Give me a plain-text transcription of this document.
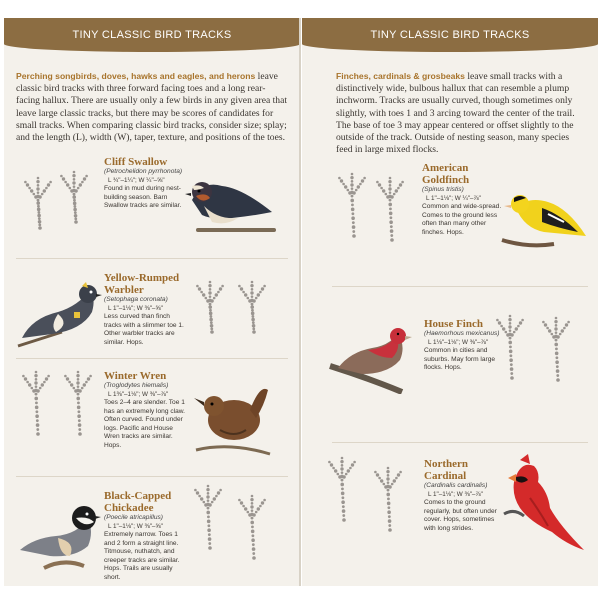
TINY CLASSIC BIRD TRACKS
Perching songbirds, doves, hawks and eagles, and herons leave classic bird tracks with three forward facing toes and a long rear-facing hallux. There are usually only a few birds in any given area that leave large classic tracks, but there may be scores of candidates for small tracks. When comparing classic bird tracks, consider size; splay; and the length (L), width (W), taper, texture, and positions of the toes.
Cliff Swallow
(Petrochelidon pyrrhonota)
L ¾"–1¼"; W ¼"–⅝"
Found in mud during nest-building season. Barn Swallow tracks are similar.
Yellow-Rumped Warbler
(Setophaga coronata)
L 1"–1⅛"; W ⅜"–⅝"
Less curved than finch tracks with a slimmer toe 1. Other warbler tracks are similar. Hops.
Winter Wren
(Troglodytes hiemalis)
L 1⅜"–1⅛"; W ⅜"–⅞"
Toes 2–4 are slender. Toe 1 has an extremely long claw. Often curved. Found under logs. Pacific and House Wren tracks are similar. Hops.
Black-Capped Chickadee
(Poecile atricapillus)
L 1"–1⅛"; W ⅜"–⅝"
Extremely narrow. Toes 1 and 2 form a straight line. Titmouse, nuthatch, and creeper tracks are similar. Hops. Trails are usually short.
TINY CLASSIC BIRD TRACKS
Finches, cardinals & grosbeaks leave small tracks with a distinctively wide, bulbous hallux that can resemble a plump inchworm. Tracks are usually curved, though sometimes only slightly, with toes 1 and 3 arcing toward the center of the trail. The base of toe 3 may appear centered or offset slightly to the outside of the track. Outside of nesting season, many species feed in large mixed flocks.
American Goldfinch
(Spinus tristis)
L 1"–1⅛"; W ¼"–⅞"
Common and wide-spread. Comes to the ground less often than many other finches. Hops.
House Finch
(Haemorhous mexicanus)
L 1⅛"–1⅛"; W ⅜"–⅞"
Common in cities and suburbs. May form large flocks. Hops.
Northern Cardinal
(Cardinalis cardinalis)
L 1"–1⅛"; W ⅜"–⅞"
Comes to the ground regularly, but often under cover. Hops, sometimes with long strides.
